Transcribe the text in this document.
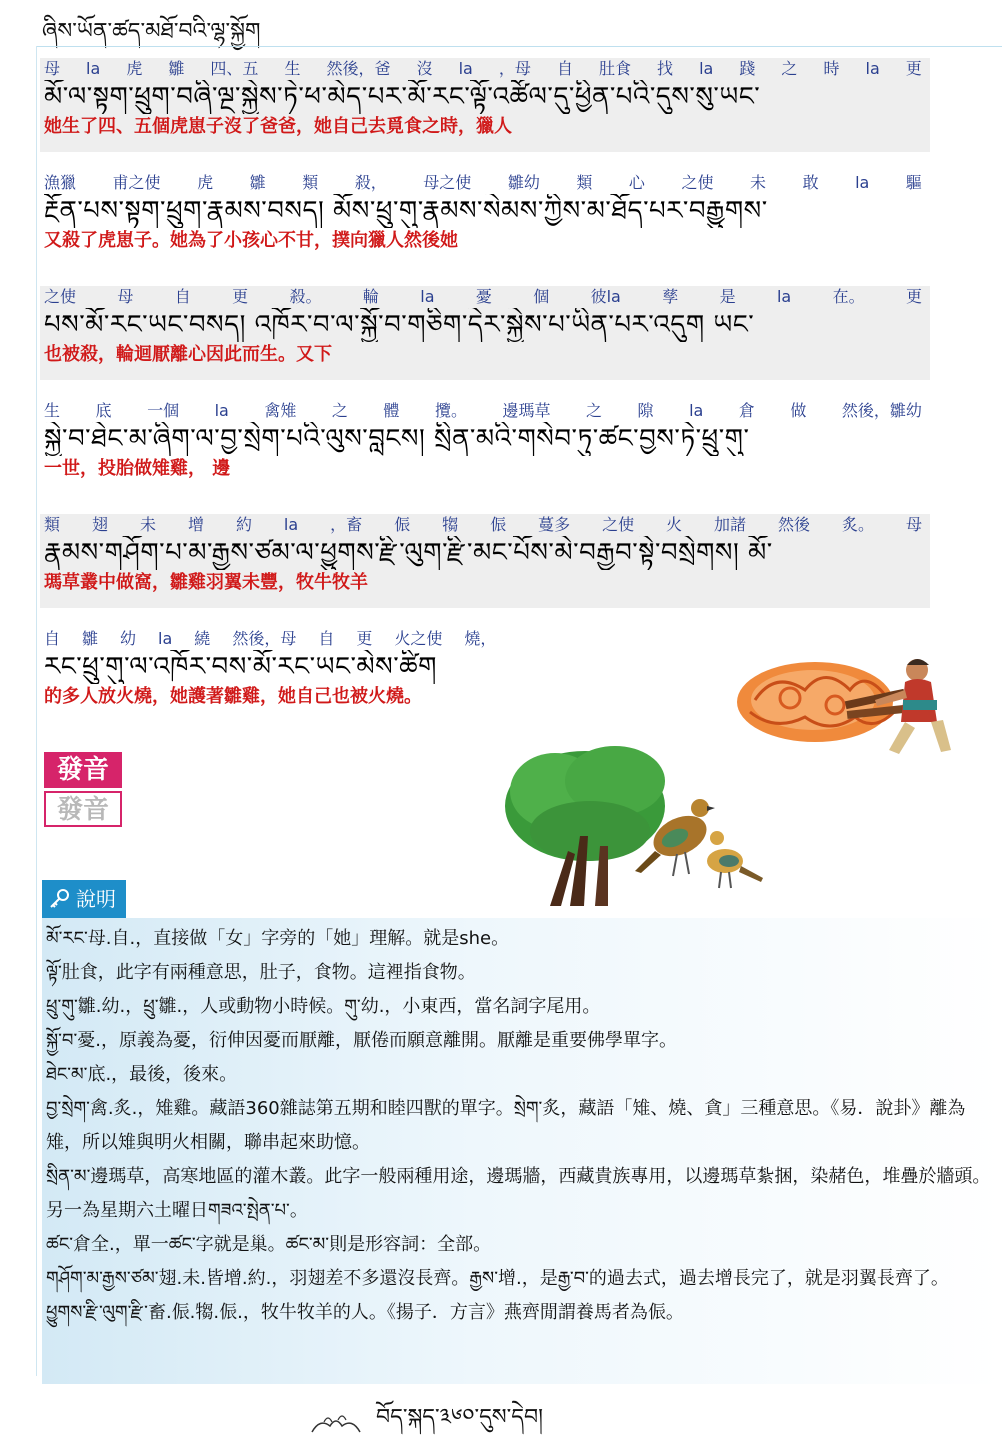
ཞིས་ཡོན་ཚད་མཐོ་བའི་ལྷ་སྐྱོག
母 la 虎 雛 四、五 生 然後，爸 沒 la ，母 自 肚食 找 la 踐 之 時 la 更
མོ་ལ་སྟག་ཕྲུག་བཞི་ལྔ་སྐྱེས་ཏེ་ཕ་མེད་པར་མོ་རང་ལྟོ་འཚོལ་དུ་ཕྱིན་པའི་དུས་སུ་ཡང་
她生了四、五個虎崽子沒了爸爸，她自己去覓食之時，獵人
漁獵 甫之使 虎 雛 類 殺， 母之使 雛幼 類 心 之使 未 敢 la 驅
རྔོན་པས་སྟག་ཕྲུག་རྣམས་བསད། མོས་ཕྲུ་གུ་རྣམས་སེམས་ཀྱིས་མ་ཐོད་པར་བརྒྱུགས་
又殺了虎崽子。她為了小孩心不甘，撲向獵人然後她
之使	母	自	更	殺。	輪	la	憂	個	彼la	孳	是	la	在。	更
པས་མོ་རང་ཡང་བསད། འཁོར་བ་ལ་སྐྱོ་བ་གཅིག་དེར་སྐྱེས་པ་ཡིན་པར་འདུག ཡང་
也被殺，輪迴厭離心因此而生。又下
生 底 一個 la 禽雉 之 體 攬。 邊瑪草 之 隙 la 倉 做 然後，雛幼
སྐྱེ་བ་ཐེང་མ་ཞིག་ལ་བྱ་སྲེག་པའི་ལུས་བླངས། སྲིན་མའི་གསེབ་ཏུ་ཚང་བྱས་ཏེ་ཕྲུ་གུ་
一世，投胎做雉雞， 邊
類 翅 未 增 約 la ，畜 侲 犓 侲 蔓多 之使 火 加諸 然後 炙。 母
རྣམས་གཤོག་པ་མ་རྒྱས་ཙམ་ལ་ཕྱུགས་རྫི་ལུག་རྫི་མང་པོས་མེ་བརྒྱབ་སྟེ་བསྲེགས། མོ་
瑪草叢中做窩，雛雞羽翼未豐，牧牛牧羊
自 雛 幼 la 繞 然後，母 自 更 火之使 燒，
རང་ཕྲུ་གུ་ལ་འཁོར་བས་མོ་རང་ཡང་མེས་ཚིག
的多人放火燒，她護著雛雞，她自己也被火燒。
發音
發音
說明

མོ་རང་母.自.，直接做「女」字旁的「她」理解。就是she。

ལྟོ་肚食，此字有兩種意思，肚子，食物。這裡指食物。

ཕྲུ་གུ་雛.幼.，ཕྲུ་雛.，人或動物小時候。གུ་幼.，小東西，當名詞字尾用。

སྐྱོ་བ་憂.，原義為憂，衍伸因憂而厭離，厭倦而願意離開。厭離是重要佛學單字。

ཐེང་མ་底.，最後，後來。

བྱ་སྲེག་禽.炙.，雉雞。藏語360雜誌第五期和睦四獸的單字。སྲེག་炙，藏語「雉、燒、貪」三種意思。《易．說卦》離為雉，所以雉與明火相關，聯串起來助憶。

སྲིན་མ་邊瑪草，高寒地區的灌木叢。此字一般兩種用途，邊瑪牆，西藏貴族專用，以邊瑪草紮捆，染赭色，堆疊於牆頭。另一為星期六土曜日གཟའ་སྤེན་པ་。

ཚང་倉全.，單一ཚང་字就是巢。ཚང་མ་則是形容詞：全部。

གཤོག་མ་རྒྱས་ཙམ་翅.未.皆增.約.，羽翅差不多還沒長齊。རྒྱས་增.，是རྒྱ་བ་的過去式，過去增長完了，就是羽翼長齊了。

ཕྱུགས་རྫི་ལུག་རྫི་畜.侲.犓.侲.，牧牛牧羊的人。《揚子．方言》燕齊閒謂養馬者為侲。

བོད་སྐད་༣༦༠་དུས་དེབ།
